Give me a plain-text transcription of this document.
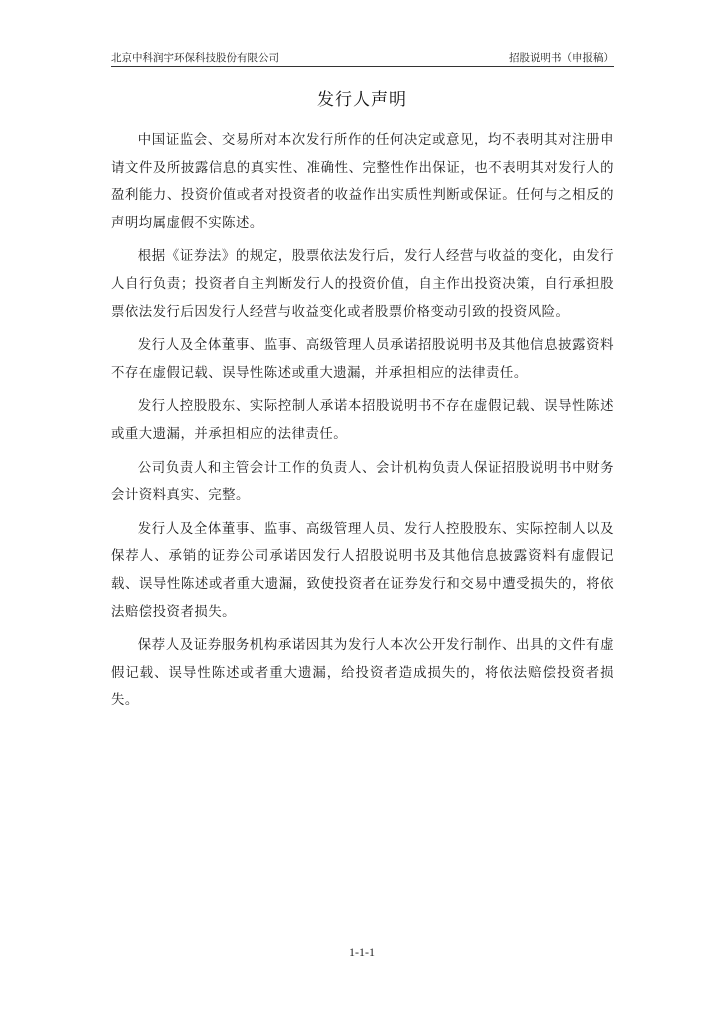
北京中科润宇环保科技股份有限公司	招股说明书（申报稿）
发行人声明

中国证监会、交易所对本次发行所作的任何决定或意见，均不表明其对注册申请文件及所披露信息的真实性、准确性、完整性作出保证，也不表明其对发行人的盈利能力、投资价值或者对投资者的收益作出实质性判断或保证。任何与之相反的声明均属虚假不实陈述。

根据《证券法》的规定，股票依法发行后，发行人经营与收益的变化，由发行人自行负责；投资者自主判断发行人的投资价值，自主作出投资决策，自行承担股票依法发行后因发行人经营与收益变化或者股票价格变动引致的投资风险。

发行人及全体董事、监事、高级管理人员承诺招股说明书及其他信息披露资料不存在虚假记载、误导性陈述或重大遗漏，并承担相应的法律责任。

发行人控股股东、实际控制人承诺本招股说明书不存在虚假记载、误导性陈述或重大遗漏，并承担相应的法律责任。

公司负责人和主管会计工作的负责人、会计机构负责人保证招股说明书中财务会计资料真实、完整。

发行人及全体董事、监事、高级管理人员、发行人控股股东、实际控制人以及保荐人、承销的证券公司承诺因发行人招股说明书及其他信息披露资料有虚假记载、误导性陈述或者重大遗漏，致使投资者在证券发行和交易中遭受损失的，将依法赔偿投资者损失。

保荐人及证券服务机构承诺因其为发行人本次公开发行制作、出具的文件有虚假记载、误导性陈述或者重大遗漏，给投资者造成损失的，将依法赔偿投资者损失。

1-1-1
